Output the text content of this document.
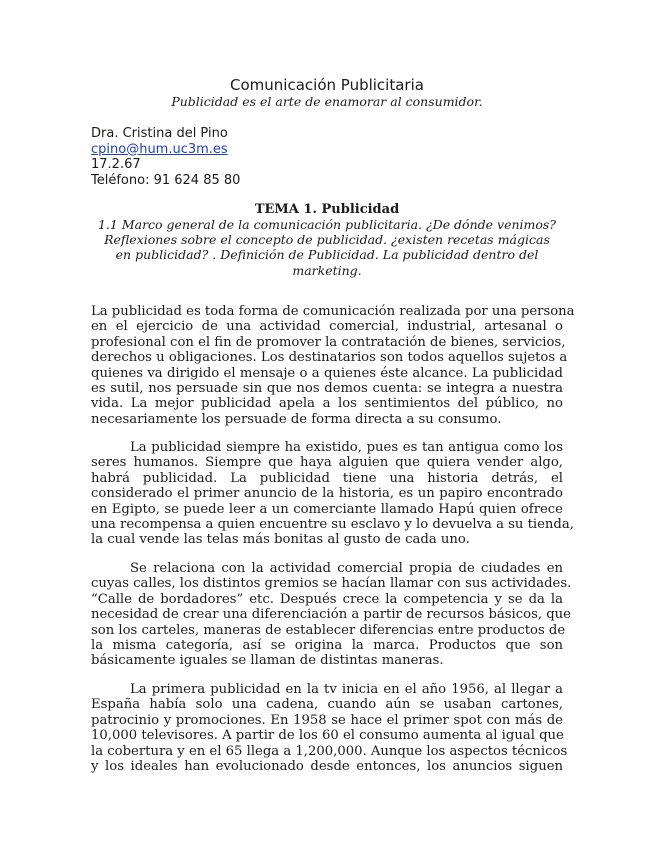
Comunicación Publicitaria
Publicidad es el arte de enamorar al consumidor.
Dra. Cristina del Pino
cpino@hum.uc3m.es
17.2.67
Teléfono: 91 624 85 80
TEMA 1. Publicidad
1.1 Marco general de la comunicación publicitaria. ¿De dónde venimos?
Reflexiones sobre el concepto de publicidad. ¿existen recetas mágicas
en publicidad? . Definición de Publicidad. La publicidad dentro del
marketing.
La publicidad es toda forma de comunicación realizada por una persona
en el ejercicio de una actividad comercial, industrial, artesanal o
profesional con el fin de promover la contratación de bienes, servicios,
derechos u obligaciones. Los destinatarios son todos aquellos sujetos a
quienes va dirigido el mensaje o a quienes éste alcance. La publicidad
es sutil, nos persuade sin que nos demos cuenta: se integra a nuestra
vida. La mejor publicidad apela a los sentimientos del público, no
necesariamente los persuade de forma directa a su consumo.
La publicidad siempre ha existido, pues es tan antigua como los
seres humanos. Siempre que haya alguien que quiera vender algo,
habrá publicidad. La publicidad tiene una historia detrás, el
considerado el primer anuncio de la historia, es un papiro encontrado
en Egipto, se puede leer a un comerciante llamado Hapú quien ofrece
una recompensa a quien encuentre su esclavo y lo devuelva a su tienda,
la cual vende las telas más bonitas al gusto de cada uno.
Se relaciona con la actividad comercial propia de ciudades en
cuyas calles, los distintos gremios se hacían llamar con sus actividades.
“Calle de bordadores” etc. Después crece la competencia y se da la
necesidad de crear una diferenciación a partir de recursos básicos, que
son los carteles, maneras de establecer diferencias entre productos de
la misma categoría, así se origina la marca. Productos que son
básicamente iguales se llaman de distintas maneras.
La primera publicidad en la tv inicia en el año 1956, al llegar a
España había solo una cadena, cuando aún se usaban cartones,
patrocinio y promociones. En 1958 se hace el primer spot con más de
10,000 televisores. A partir de los 60 el consumo aumenta al igual que
la cobertura y en el 65 llega a 1,200,000. Aunque los aspectos técnicos
y los ideales han evolucionado desde entonces, los anuncios siguen
